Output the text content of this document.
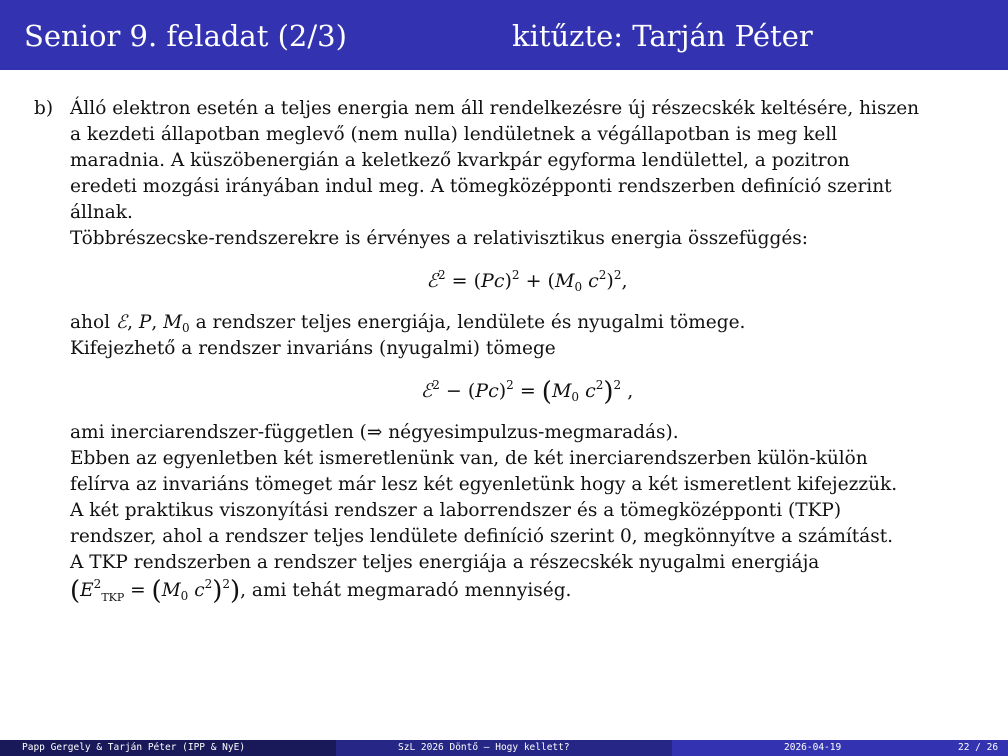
Senior 9. feladat (2/3)	kitűzte: Tarján Péter
b) Álló elektron esetén a teljes energia nem áll rendelkezésre új részecskék keltésére, hiszen
a kezdeti állapotban meglevő (nem nulla) lendületnek a végállapotban is meg kell
maradnia. A küszöbenergián a keletkező kvarkpár egyforma lendülettel, a pozitron
eredeti mozgási irányában indul meg. A tömegközépponti rendszerben definíció szerint
állnak.
Többrészecske-rendszerekre is érvényes a relativisztikus energia összefüggés:
ℰ$^2$ = $(Pc)^2 + (M_0$ $c^2)^2$,
ahol ℰ, P, $M_0$ a rendszer teljes energiája, lendülete és nyugalmi tömege.
Kifejezhető a rendszer invariáns (nyugalmi) tömege
ℰ$^2$ − $(Pc)^2 = (M_0$ $c^2)^2$ ,
ami inerciarendszer-független (⇒ négyesimpulzus-megmaradás).
Ebben az egyenletben két ismeretlenünk van, de két inerciarendszerben külön-külön
felírva az invariáns tömeget már lesz két egyenletünk hogy a két ismeretlent kifejezzük.
A két praktikus viszonyítási rendszer a laborrendszer és a tömegközépponti (TKP)
rendszer, ahol a rendszer teljes lendülete definíció szerint 0, megkönnyítve a számítást.
A TKP rendszerben a rendszer teljes energiája a részecskék nyugalmi energiája
($E^2_{TKP} = (M_0$ $c^2)^2$), ami tehát megmaradó mennyiség.
Papp Gergely & Tarján Péter (IPP & NyE)	SzL 2026 Döntő – Hogy kellett?	2026-04-19	22 / 26
